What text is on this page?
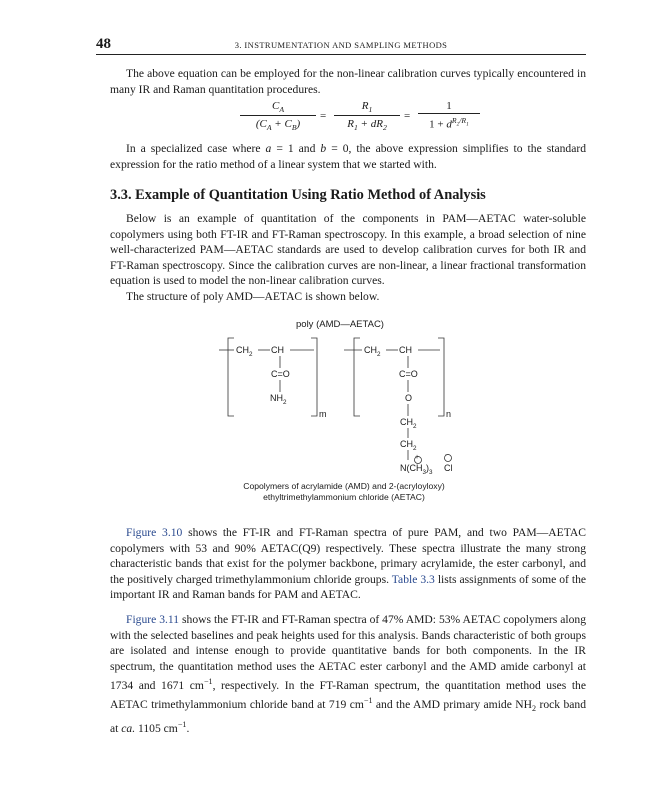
48	3. INSTRUMENTATION AND SAMPLING METHODS

The above equation can be employed for the non-linear calibration curves typically encountered in many IR and Raman quantitation procedures.

$\frac{C_A}{(C_A + C_B)} = \frac{R_1}{R_1 + dR_2} = \frac{1}{1 + d^{R_2/R_1}}$

In a specialized case where a = 1 and b = 0, the above expression simplifies to the standard expression for the ratio method of a linear system that we started with.

3.3. Example of Quantitation Using Ratio Method of Analysis

Below is an example of quantitation of the components in PAM—AETAC water-soluble copolymers using both FT-IR and FT-Raman spectroscopy. In this example, a broad selection of nine well-characterized PAM—AETAC standards are used to develop calibration curves for both IR and FT-Raman spectroscopy. Since the calibration curves are non-linear, a linear fractional transformation equation is used to model the non-linear calibration curves.

The structure of poly AMD—AETAC is shown below.

poly (AMD—AETAC)
$CH_2$ CH
C=O
$NH_2$
m
$CH_2$ CH
C=O
O
n
$CH_2$
$CH_2$
+	−
$N(CH_3)_3$ Cl
Copolymers of acrylamide (AMD) and 2-(acryloyloxy)
ethyltrimethylammonium chloride (AETAC)

Figure 3.10 shows the FT-IR and FT-Raman spectra of pure PAM, and two PAM—AETAC copolymers with 53 and 90% AETAC(Q9) respectively. These spectra illustrate the many strong characteristic bands that exist for the polymer backbone, primary acrylamide, the ester carbonyl, and the positively charged trimethylammonium chloride groups. Table 3.3 lists assignments of some of the important IR and Raman bands for PAM and AETAC.

Figure 3.11 shows the FT-IR and FT-Raman spectra of 47% AMD: 53% AETAC copolymers along with the selected baselines and peak heights used for this analysis. Bands characteristic of both groups are isolated and intense enough to provide quantitative bands for both components. In the IR spectrum, the quantitation method uses the AETAC ester carbonyl and the AMD amide carbonyl at 1734 and 1671 $cm^{-1}$, respectively. In the FT-Raman spectrum, the quantitation method uses the AETAC trimethylammonium chloride band at 719 $cm^{-1}$ and the AMD primary amide $NH_2$ rock band at ca. 1105 $cm^{-1}$.
